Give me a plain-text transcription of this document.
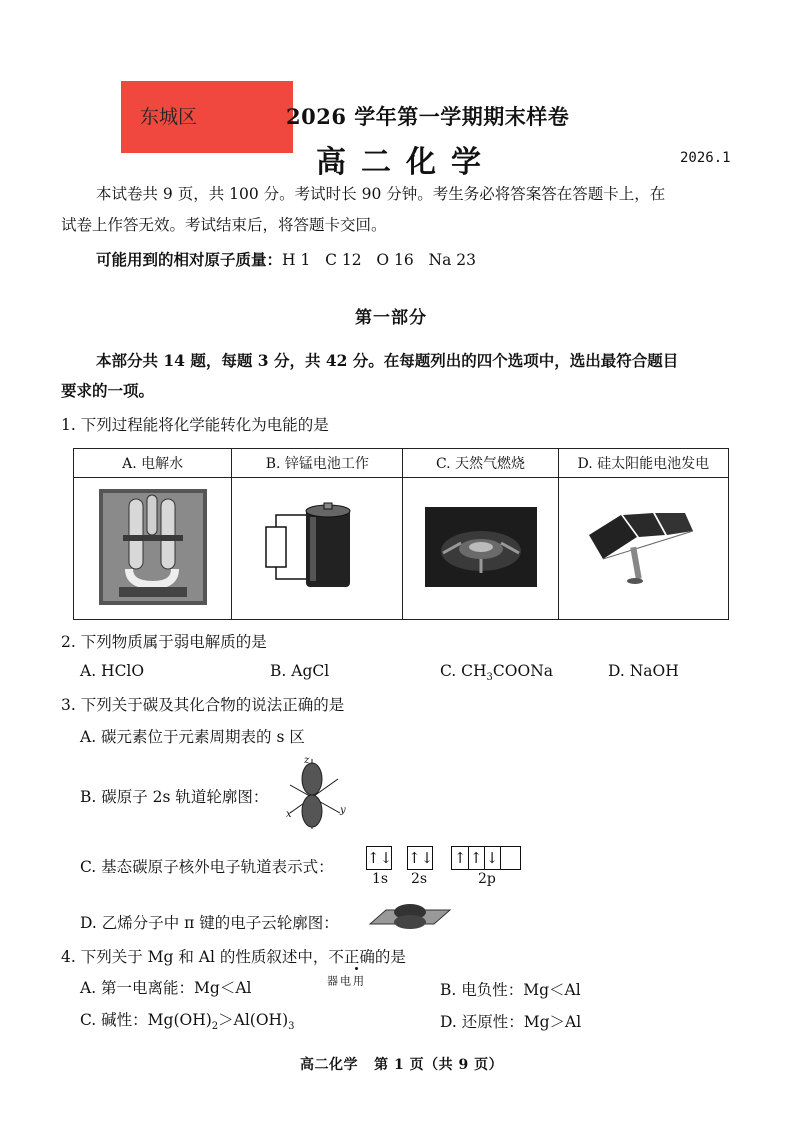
东城区	2026 学年第一学期期末样卷
高二化学	2026.1
本试卷共 9 页，共 100 分。考试时长 90 分钟。考生务必将答案答在答题卡上，在
试卷上作答无效。考试结束后，将答题卡交回。
可能用到的相对原子质量：H 1   C 12   O 16   Na 23
第一部分
本部分共 14 题，每题 3 分，共 42 分。在每题列出的四个选项中，选出最符合题目
要求的一项。
1. 下列过程能将化学能转化为电能的是
A. 电解水	B. 锌锰电池工作	C. 天然气燃烧	D. 硅太阳能电池发电

用电器

2. 下列物质属于弱电解质的是
A. HClO	B. AgCl	C. $CH_3COONa$	D. NaOH
3. 下列关于碳及其化合物的说法正确的是
A. 碳元素位于元素周期表的 s 区
B. 碳原子 2s 轨道轮廓图：
z
x	y
C. 基态碳原子核外电子轨道表示式： ↑↓ ↑↓ ↑ ↑ ↓
1s 2s	2p
D. 乙烯分子中 π 键的电子云轮廓图：
4. 下列关于 Mg 和 Al 的性质叙述中，不正确的是
A. 第一电离能：Mg＜Al	B. 电负性：Mg＜Al
C. 碱性：$Mg(OH)_2>Al(OH)_3$	D. 还原性：Mg＞Al
高二化学   第 1 页（共 9 页）
